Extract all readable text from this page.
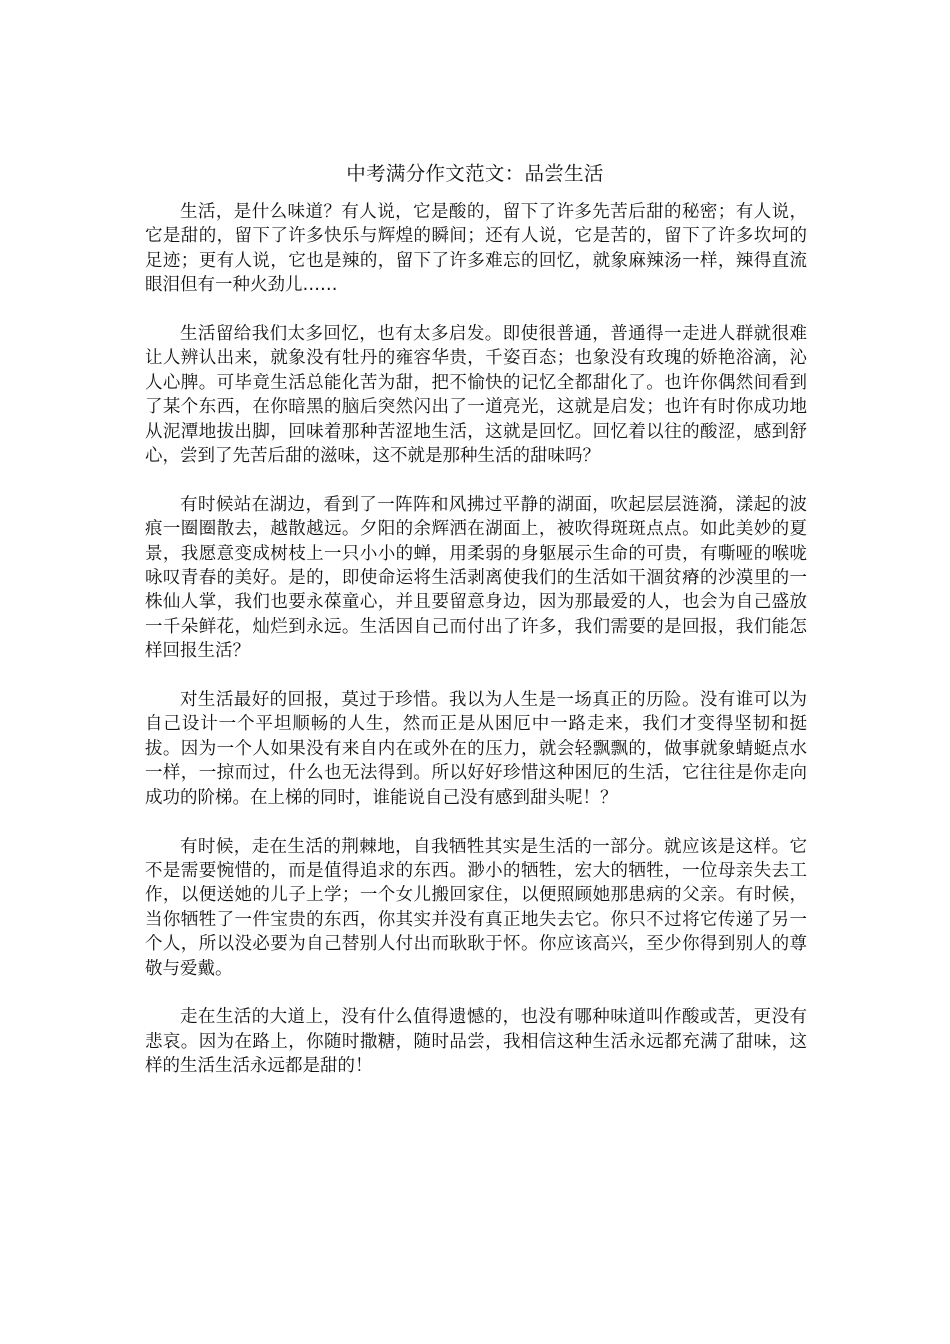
中考满分作文范文：品尝生活

生活，是什么味道？有人说，它是酸的，留下了许多先苦后甜的秘密；有人说，它是甜的，留下了许多快乐与辉煌的瞬间；还有人说，它是苦的，留下了许多坎坷的足迹；更有人说，它也是辣的，留下了许多难忘的回忆，就象麻辣汤一样，辣得直流眼泪但有一种火劲儿……

生活留给我们太多回忆，也有太多启发。即使很普通，普通得一走进人群就很难让人辨认出来，就象没有牡丹的雍容华贵，千姿百态；也象没有玫瑰的娇艳浴滴，沁人心脾。可毕竟生活总能化苦为甜，把不愉快的记忆全都甜化了。也许你偶然间看到了某个东西，在你暗黑的脑后突然闪出了一道亮光，这就是启发；也许有时你成功地从泥潭地拔出脚，回味着那种苦涩地生活，这就是回忆。回忆着以往的酸涩，感到舒心，尝到了先苦后甜的滋味，这不就是那种生活的甜味吗？

有时候站在湖边，看到了一阵阵和风拂过平静的湖面，吹起层层涟漪，漾起的波痕一圈圈散去，越散越远。夕阳的余辉洒在湖面上，被吹得斑斑点点。如此美妙的夏景，我愿意变成树枝上一只小小的蝉，用柔弱的身躯展示生命的可贵，有嘶哑的喉咙咏叹青春的美好。是的，即使命运将生活剥离使我们的生活如干涸贫瘠的沙漠里的一株仙人掌，我们也要永葆童心，并且要留意身边，因为那最爱的人，也会为自己盛放一千朵鲜花，灿烂到永远。生活因自己而付出了许多，我们需要的是回报，我们能怎样回报生活？

对生活最好的回报，莫过于珍惜。我以为人生是一场真正的历险。没有谁可以为自己设计一个平坦顺畅的人生，然而正是从困厄中一路走来，我们才变得坚韧和挺拔。因为一个人如果没有来自内在或外在的压力，就会轻飘飘的，做事就象蜻蜓点水一样，一掠而过，什么也无法得到。所以好好珍惜这种困厄的生活，它往往是你走向成功的阶梯。在上梯的同时，谁能说自己没有感到甜头呢！？

有时候，走在生活的荆棘地，自我牺牲其实是生活的一部分。就应该是这样。它不是需要惋惜的，而是值得追求的东西。渺小的牺牲，宏大的牺牲，一位母亲失去工作，以便送她的儿子上学；一个女儿搬回家住，以便照顾她那患病的父亲。有时候，当你牺牲了一件宝贵的东西，你其实并没有真正地失去它。你只不过将它传递了另一个人，所以没必要为自己替别人付出而耿耿于怀。你应该高兴，至少你得到别人的尊敬与爱戴。

走在生活的大道上，没有什么值得遗憾的，也没有哪种味道叫作酸或苦，更没有悲哀。因为在路上，你随时撒糖，随时品尝，我相信这种生活永远都充满了甜味，这样的生活生活永远都是甜的！
